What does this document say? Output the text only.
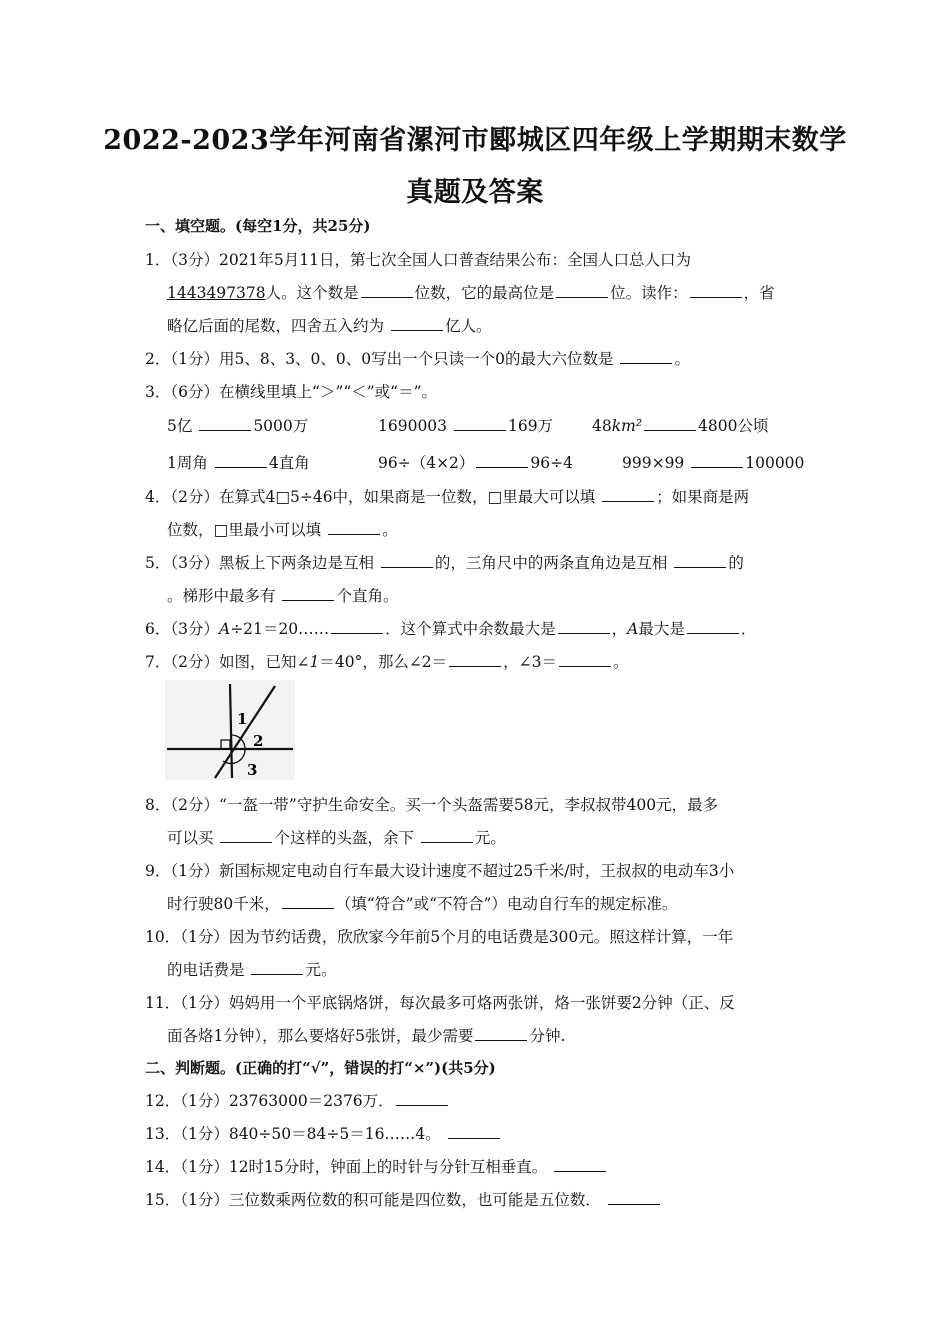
2022-2023学年河南省漯河市郾城区四年级上学期期末数学
真题及答案
一、填空题。(每空1分，共25分)
1．（3分）2021年5月11日，第七次全国人口普查结果公布：全国人口总人口为
1443497378人。这个数是	位数，它的最高位是	位。读作：	，省
略亿后面的尾数，四舍五入约为	亿人。
2．（1分）用5、8、3、0、0、0写出一个只读一个0的最大六位数是	。
3．（6分）在横线里填上“＞”“＜”或“＝”。
5亿	5000万	1690003	169万	48km²	4800公顷
1周角	4直角	96÷（4×2）	96÷4	999×99	100000
4．（2分）在算式4□5÷46中，如果商是一位数，□里最大可以填	；如果商是两
位数，□里最小可以填	。
5．（3分）黑板上下两条边是互相	的，三角尺中的两条直角边是互相	的
。梯形中最多有	个直角。
6．（3分）A÷21＝20……	．这个算式中余数最大是	，A最大是	．
7．（2分）如图，已知∠1＝40°，那么∠2＝	，∠3＝	。
1
2
3
8．（2分）“一盔一带”守护生命安全。买一个头盔需要58元，李叔叔带400元，最多
可以买	个这样的头盔，余下	元。
9．（1分）新国标规定电动自行车最大设计速度不超过25千米/时，王叔叔的电动车3小
时行驶80千米，	（填“符合”或“不符合”）电动自行车的规定标准。
10．（1分）因为节约话费，欣欣家今年前5个月的电话费是300元。照这样计算，一年
的电话费是	元。
11．（1分）妈妈用一个平底锅烙饼，每次最多可烙两张饼，烙一张饼要2分钟（正、反
面各烙1分钟），那么要烙好5张饼，最少需要	分钟.
二、判断题。(正确的打“√”，错误的打“×”)(共5分)
12．（1分）23763000＝2376万．
13．（1分）840÷50＝84÷5＝16……4。
14．（1分）12时15分时，钟面上的时针与分针互相垂直。
15．（1分）三位数乘两位数的积可能是四位数，也可能是五位数．
